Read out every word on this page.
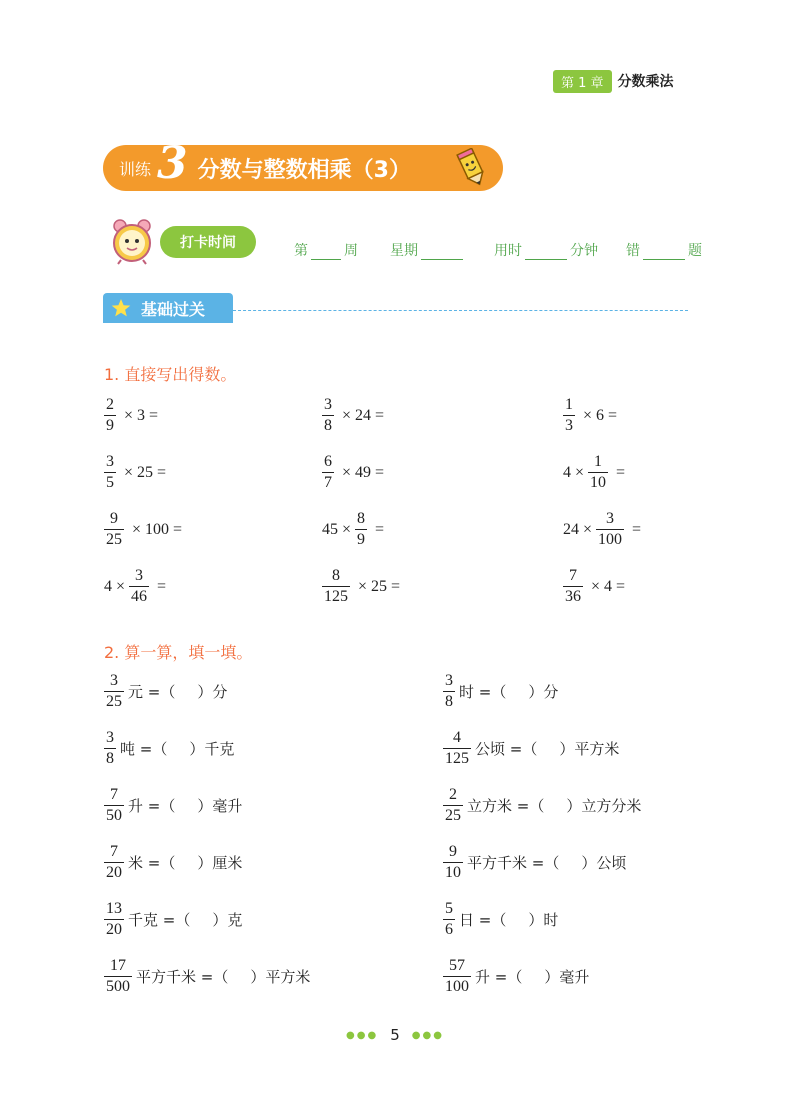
第 1 章	分数乘法
训练 3 分数与整数相乘（3）
打卡时间	第	周 星期	用时	分钟 错	题
基础过关
1. 直接写出得数。
$\frac{2}{9} \times 3$ =	$\frac{3}{8} \times 24$ =	$\frac{1}{3} \times 6$ =
$\frac{3}{5} \times 25$ =	$\frac{6}{7} \times 49$ =	$4 \times \frac{1}{10}$ =
$\frac{9}{25} \times 100$ =	$45 \times \frac{8}{9}$ =	$24 \times \frac{3}{100}$ =
$4 \times \frac{3}{46}$ =	$\frac{8}{125} \times 25$ =	$\frac{7}{36} \times 4$ =
2. 算一算，填一填。
$\frac{3}{25}$ 元 =（ ）分	$\frac{3}{8}$ 时 =（ ）分
$\frac{3}{8}$ 吨 =（ ）千克	$\frac{4}{125}$ 公顷 =（ ）平方米
$\frac{7}{50}$ 升 =（ ）毫升	$\frac{2}{25}$ 立方米 =（ ）立方分米
$\frac{7}{20}$ 米 =（ ）厘米	$\frac{9}{10}$ 平方千米 =（ ）公顷
$\frac{13}{20}$ 千克 =（ ）克	$\frac{5}{6}$ 日 =（ ）时
$\frac{17}{500}$ 平方千米 =（ ）平方米	$\frac{57}{100}$ 升 =（ ）毫升
●●● 5 ●●●
